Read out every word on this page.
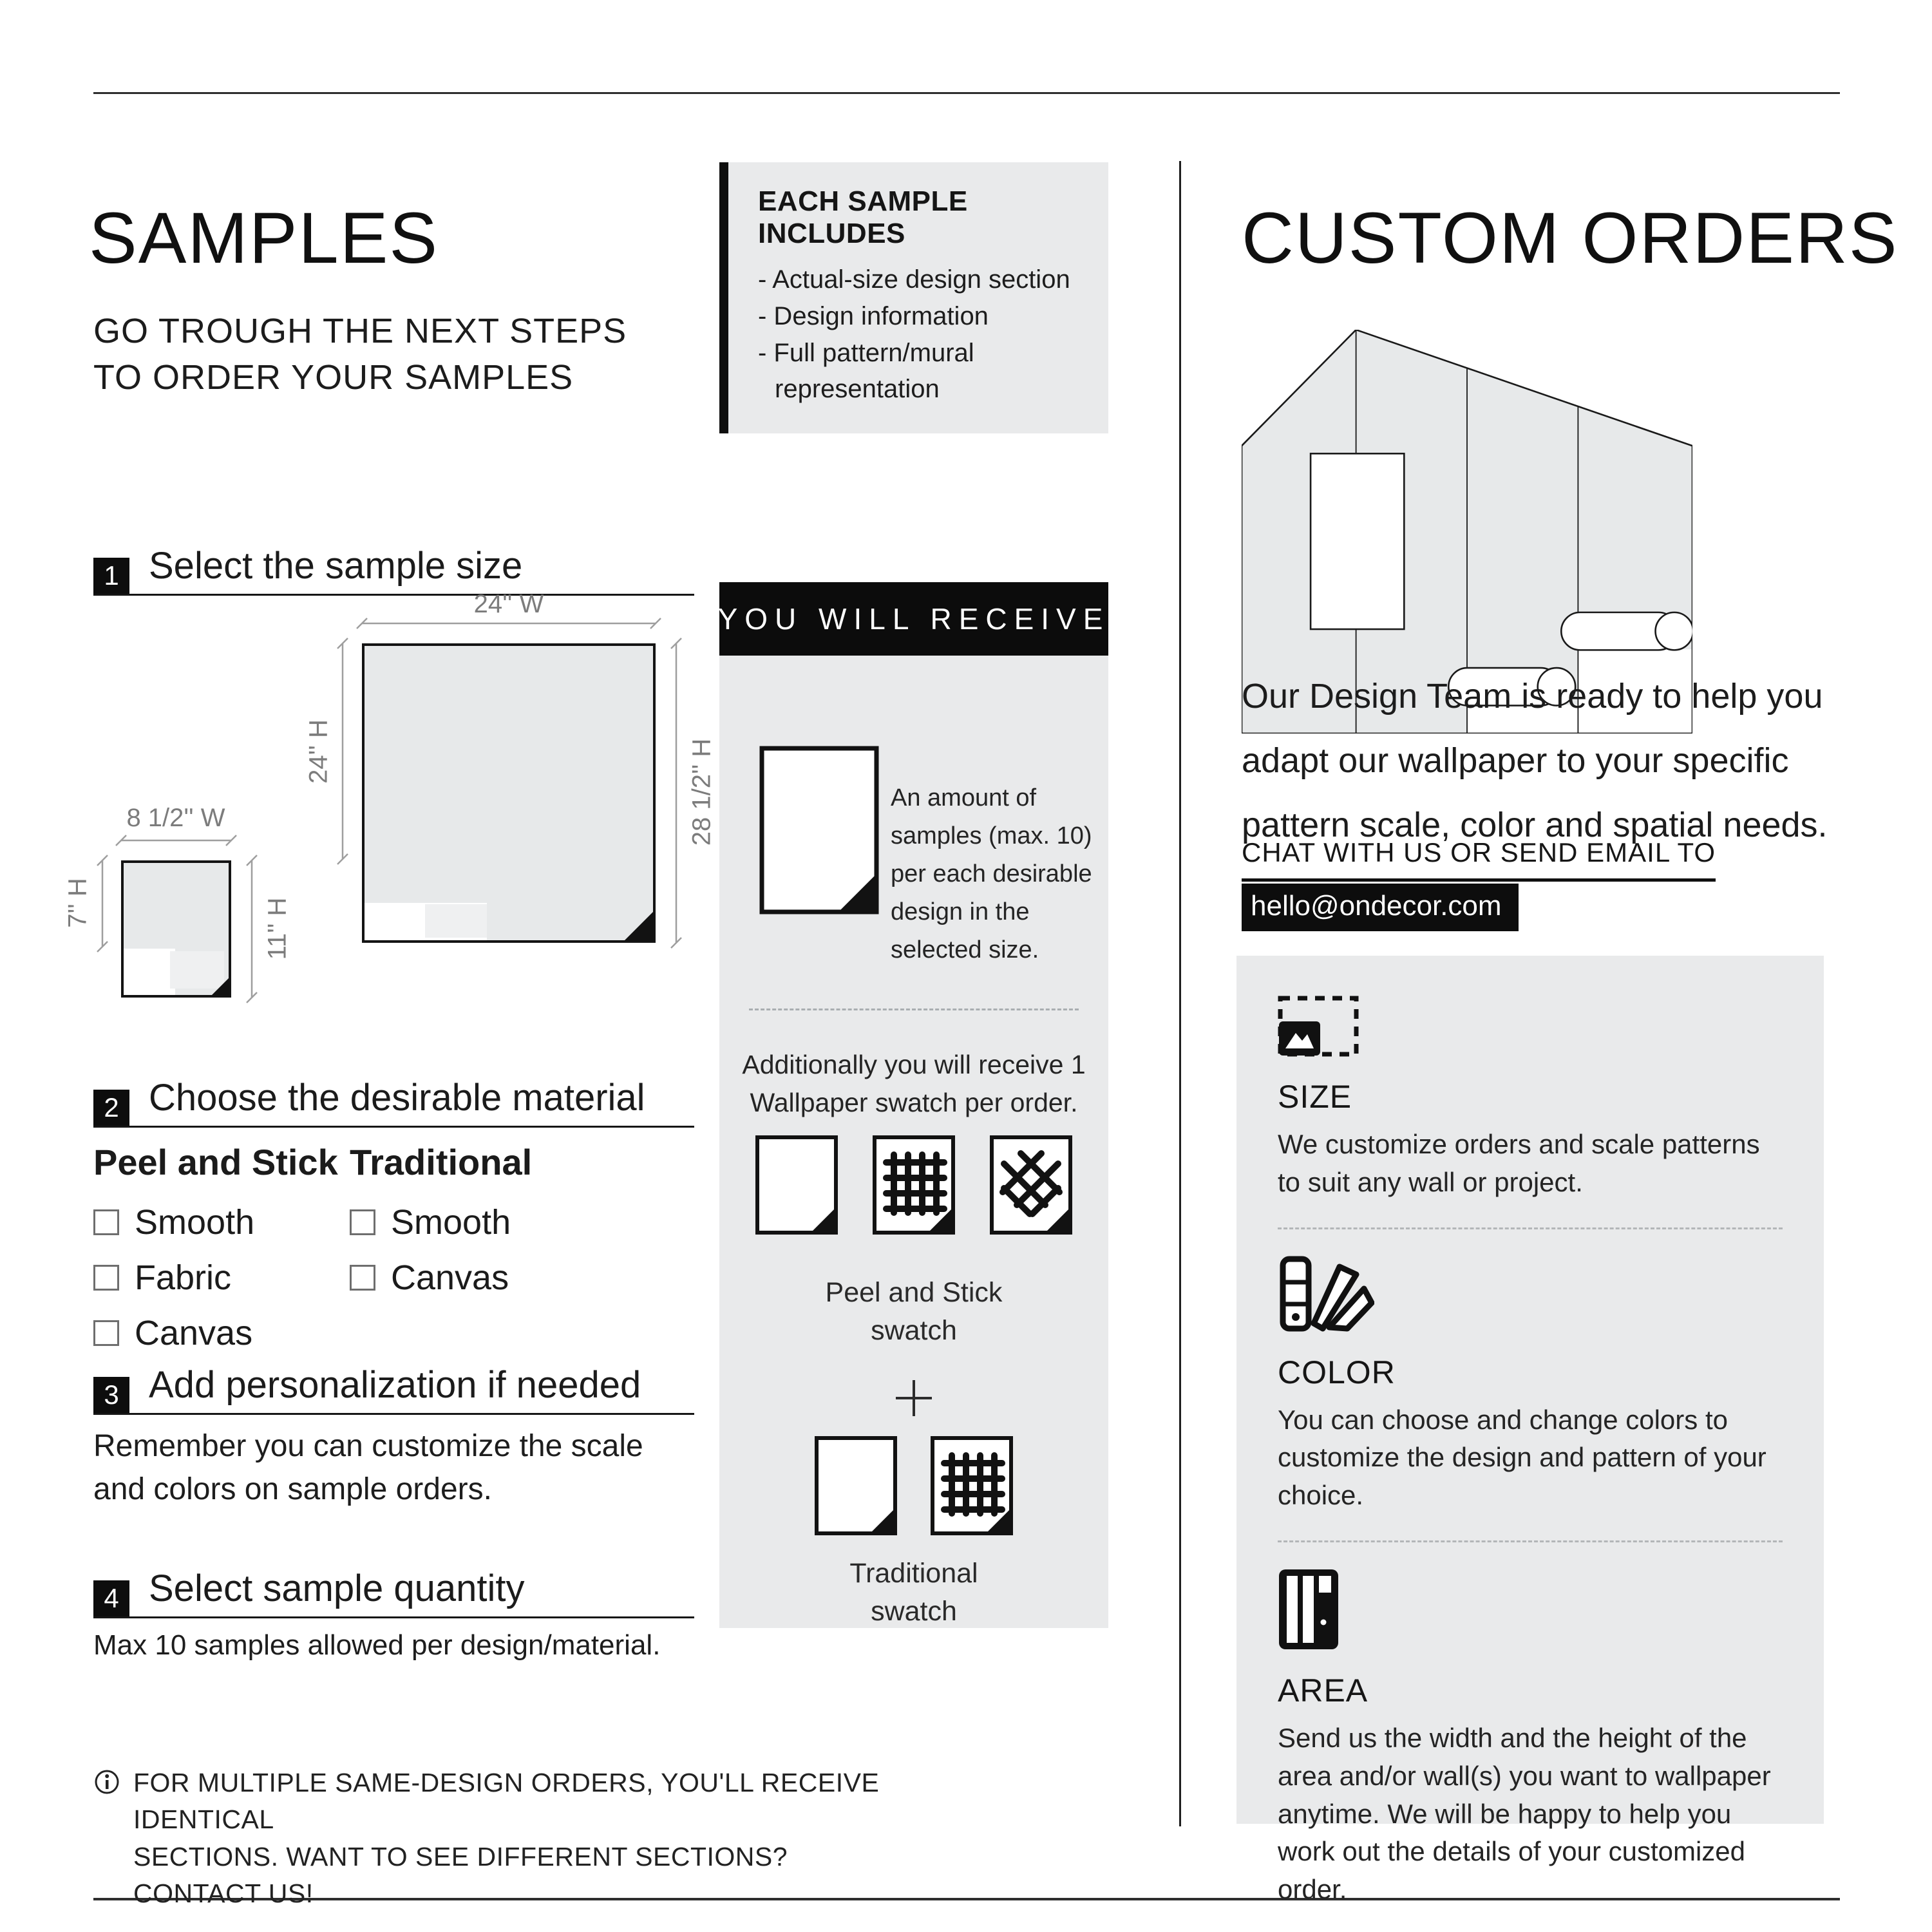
SAMPLES
GO TROUGH THE NEXT STEPS TO ORDER YOUR SAMPLES
EACH SAMPLE INCLUDES
- Actual-size design section
- Design information
- Full pattern/mural representation
1 Select the sample size
2 Choose the desirable material
3 Add personalization if needed
4 Select sample quantity
24'' W
24'' H	28 1/2'' H
8 1/2'' W
7'' H	11'' H
Peel and Stick
Smooth
Fabric
Canvas
Traditional
Smooth
Canvas
Remember you can customize the scale and colors on sample orders.
Max 10 samples allowed per design/material.
FOR MULTIPLE SAME-DESIGN ORDERS, YOU'LL RECEIVE IDENTICAL
SECTIONS. WANT TO SEE DIFFERENT SECTIONS? CONTACT US!
YOU WILL RECEIVE
An amount of samples (max. 10) per each desirable design in the selected size.
Additionally you will receive 1 Wallpaper swatch per order.
Peel and Stick
swatch
Traditional
swatch
CUSTOM ORDERS
Our Design Team is ready to help you adapt our wallpaper to your specific pattern scale, color and spatial needs.
CHAT WITH US OR SEND EMAIL TO
hello@ondecor.com
SIZE
We customize orders and scale patterns to suit any wall or project.
COLOR
You can choose and change colors to customize the design and pattern of your choice.
AREA
Send us the width and the height of the area and/or wall(s) you want to wallpaper anytime. We will be happy to help you work out the details of your customized order.
